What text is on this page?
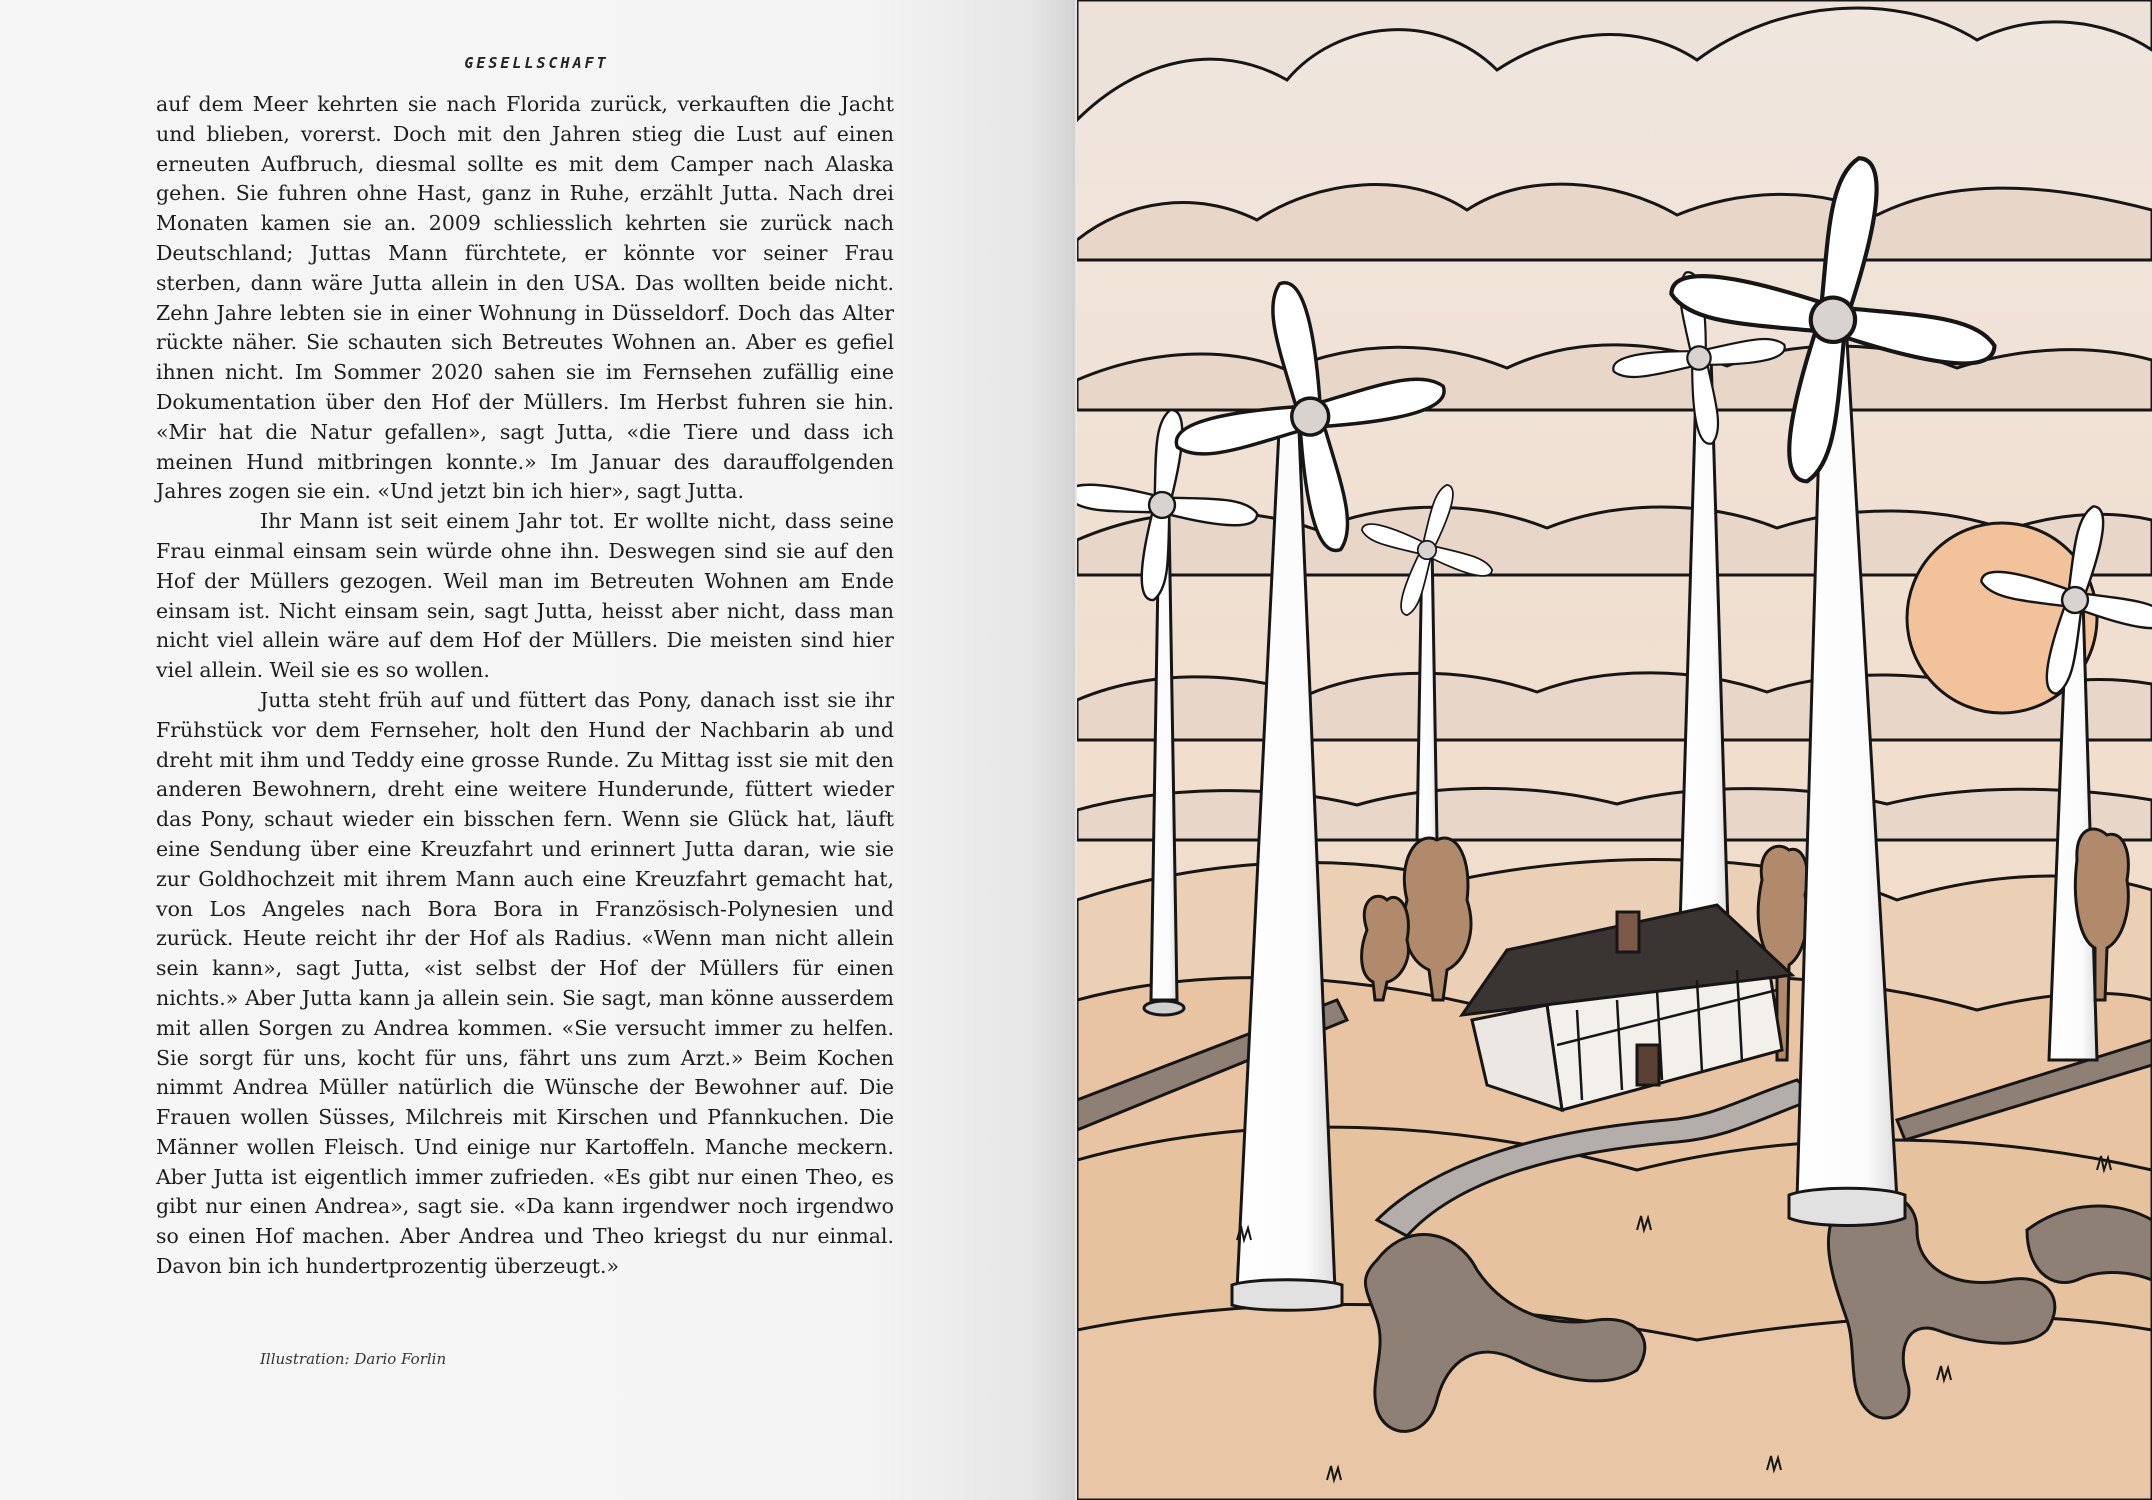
GESELLSCHAFT

auf dem Meer kehrten sie nach Florida zurück, verkauften die Jacht und blieben, vorerst. Doch mit den Jahren stieg die Lust auf einen erneuten Aufbruch, diesmal sollte es mit dem Camper nach Alaska gehen. Sie fuhren ohne Hast, ganz in Ruhe, erzählt Jutta. Nach drei Monaten kamen sie an. 2009 schliesslich kehrten sie zurück nach Deutschland; Juttas Mann fürchtete, er könnte vor seiner Frau sterben, dann wäre Jutta allein in den USA. Das wollten beide nicht. Zehn Jahre lebten sie in einer Wohnung in Düsseldorf. Doch das Alter rückte näher. Sie schauten sich Betreutes Wohnen an. Aber es gefiel ihnen nicht. Im Sommer 2020 sahen sie im Fernsehen zufällig eine Dokumentation über den Hof der Müllers. Im Herbst fuhren sie hin. «Mir hat die Natur gefallen», sagt Jutta, «die Tiere und dass ich meinen Hund mitbringen konnte.» Im Januar des darauffolgenden Jahres zogen sie ein. «Und jetzt bin ich hier», sagt Jutta.

Ihr Mann ist seit einem Jahr tot. Er wollte nicht, dass seine Frau einmal einsam sein würde ohne ihn. Deswegen sind sie auf den Hof der Müllers gezogen. Weil man im Betreuten Wohnen am Ende einsam ist. Nicht einsam sein, sagt Jutta, heisst aber nicht, dass man nicht viel allein wäre auf dem Hof der Müllers. Die meisten sind hier viel allein. Weil sie es so wollen.

Jutta steht früh auf und füttert das Pony, danach isst sie ihr Frühstück vor dem Fernseher, holt den Hund der Nachbarin ab und dreht mit ihm und Teddy eine grosse Runde. Zu Mittag isst sie mit den anderen Bewohnern, dreht eine weitere Hunderunde, füttert wieder das Pony, schaut wieder ein bisschen fern. Wenn sie Glück hat, läuft eine Sendung über eine Kreuzfahrt und erinnert Jutta daran, wie sie zur Goldhochzeit mit ihrem Mann auch eine Kreuzfahrt gemacht hat, von Los Angeles nach Bora Bora in Französisch-Polynesien und zurück. Heute reicht ihr der Hof als Radius. «Wenn man nicht allein sein kann», sagt Jutta, «ist selbst der Hof der Müllers für einen nichts.» Aber Jutta kann ja allein sein. Sie sagt, man könne ausserdem mit allen Sorgen zu Andrea kommen. «Sie versucht immer zu helfen. Sie sorgt für uns, kocht für uns, fährt uns zum Arzt.» Beim Kochen nimmt Andrea Müller natürlich die Wünsche der Bewohner auf. Die Frauen wollen Süsses, Milchreis mit Kirschen und Pfannkuchen. Die Männer wollen Fleisch. Und einige nur Kartoffeln. Manche meckern. Aber Jutta ist eigentlich immer zufrieden. «Es gibt nur einen Theo, es gibt nur einen Andrea», sagt sie. «Da kann irgendwer noch irgendwo so einen Hof machen. Aber Andrea und Theo kriegst du nur einmal. Davon bin ich hundertprozentig überzeugt.»

Illustration: Dario Forlin
